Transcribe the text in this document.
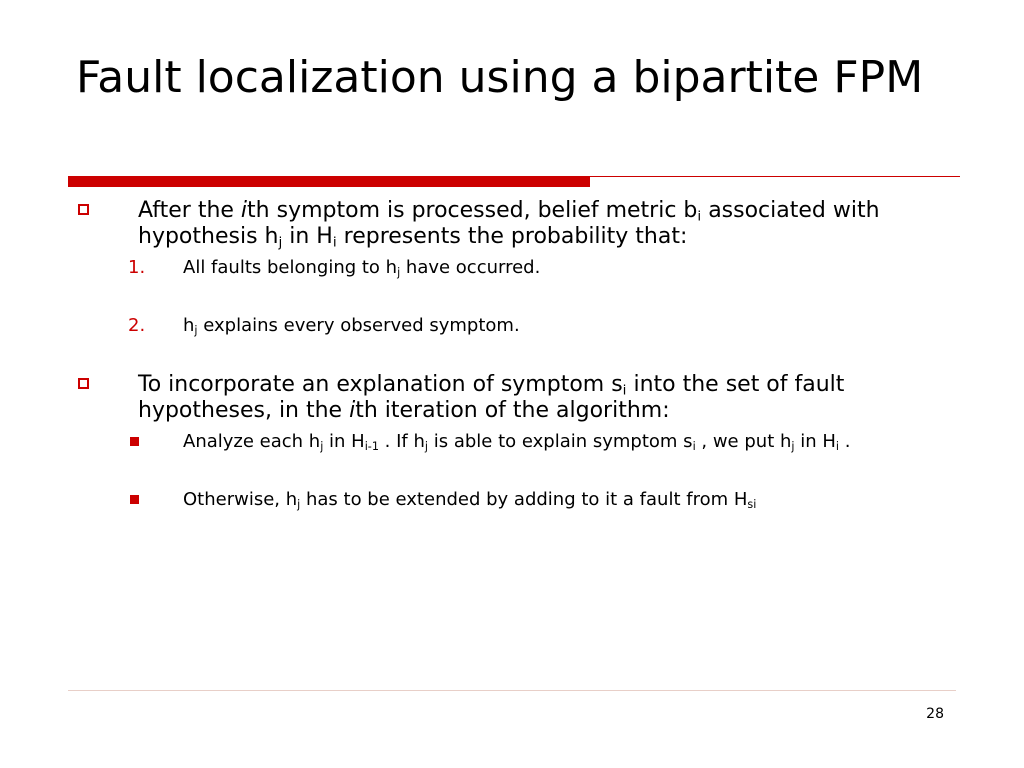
Fault localization using a bipartite FPM
After the ith symptom is processed, belief metric $b_i$ associated with hypothesis $h_j$ in $H_i$ represents the probability that:
1. All faults belonging to $h_j$ have occurred.
2. $h_j$ explains every observed symptom.
To incorporate an explanation of symptom $s_i$ into the set of fault hypotheses, in the ith iteration of the algorithm:
Analyze each $h_j$ in $H_{i-1}$ . If $h_j$ is able to explain symptom $s_i$ , we put $h_j$ in $H_i$ .
Otherwise, $h_j$ has to be extended by adding to it a fault from $H_{si}$
28
